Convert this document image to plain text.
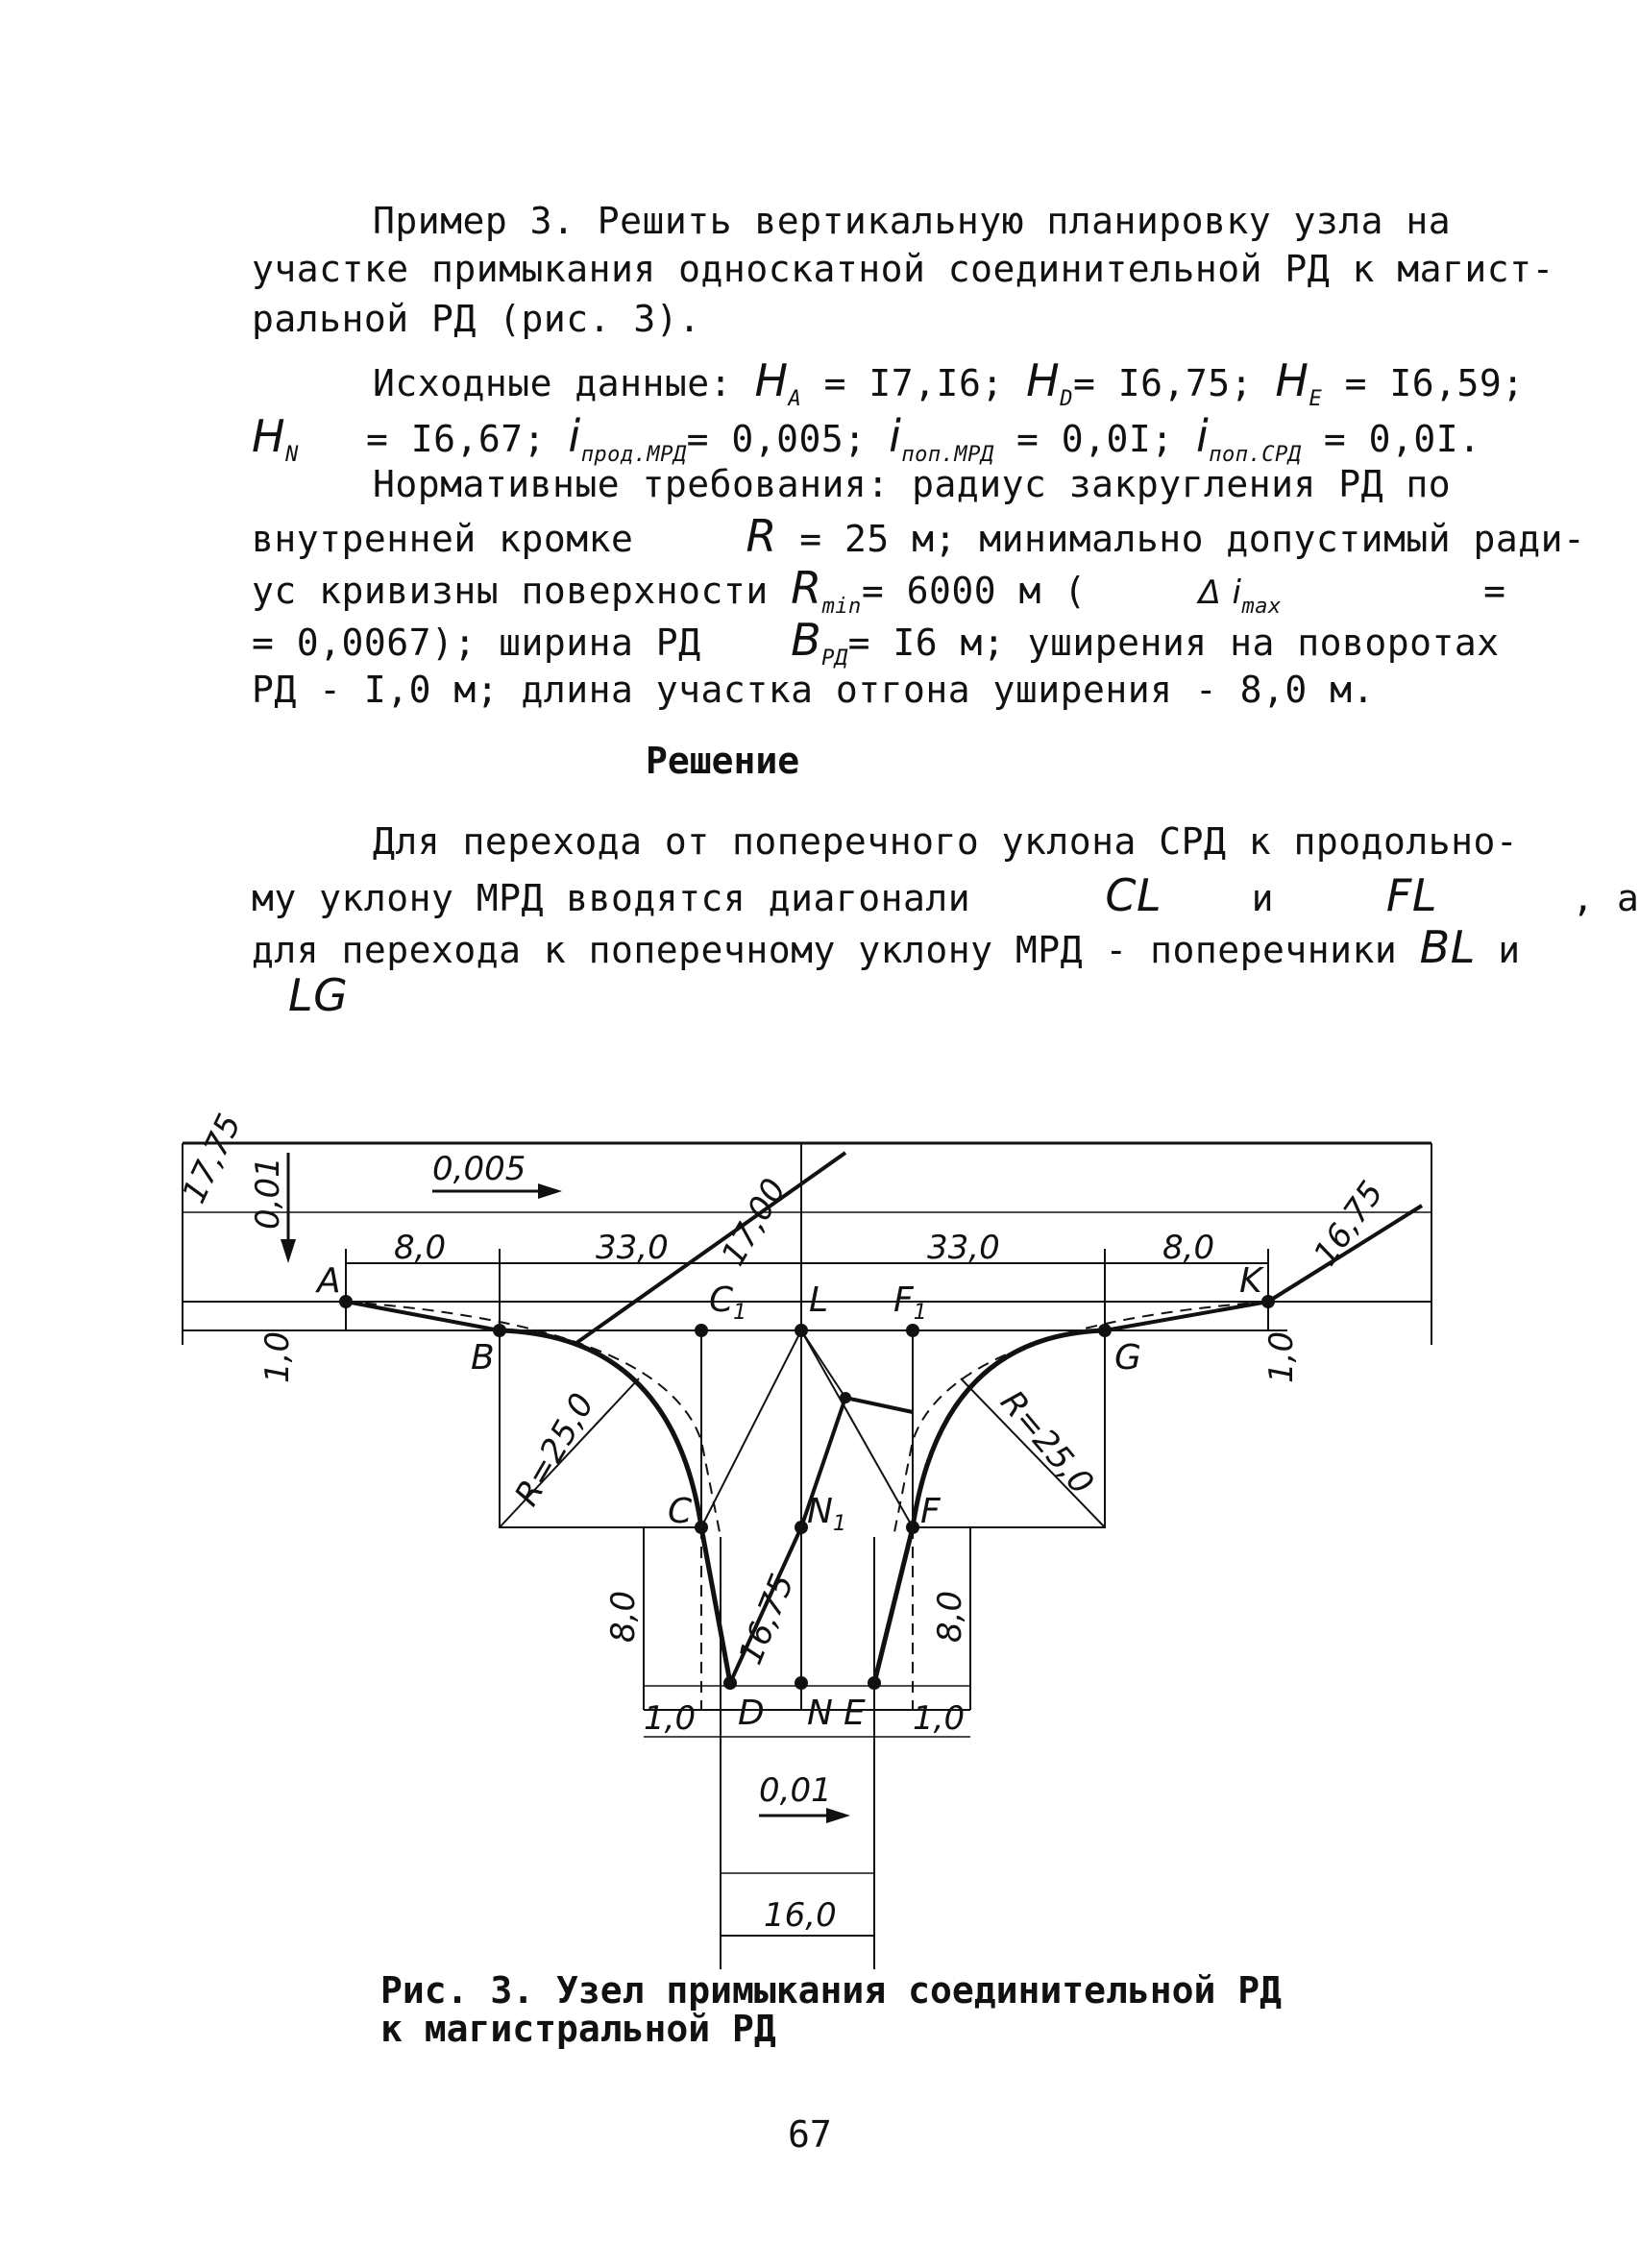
Пример 3. Решить вертикальную планировку узла на
участке примыкания односкатной соединительной РД к магист-
ральной РД (рис. 3).
Исходные данные: $H_A = I7,I6$; $H_D= I6,75$; $H_E = I6,59$;
$H_N = I6,67$; $i_{прод.МРД}= 0,005$; $i_{поп.МРД} = 0,0I$; $i_{поп.СРД} = 0,0I$.
Нормативные требования: радиус закругления РД по
внутренней кромке	R = 25 м; минимально допустимый ради-
ус кривизны поверхности $R_{min}= 6000$ м (	Δ $i_{max}$	=
= 0,0067); ширина РД $B_{РД}= I6$ м; уширения на поворотах
РД - I,0 м; длина участка отгона уширения - 8,0 м.
Решение
Для перехода от поперечного уклона СРД к продольно-
му уклону МРД вводятся диагонали	CL и	FL	, а
для перехода к поперечному уклону МРД - поперечники BL и
LG
A
B
$C_1$ L $F_1$
G
K
C	$N_1$ F
D N E
8,0	33,0	33,0	8,0
1,0	1,0
8,0	8,0
1,0	1,0
16,0
0,005
0,01
0,01
R=25,0	R=25,0
17,75
17,00	16,75
16,75
Рис. 3. Узел примыкания соединительной РД
к магистральной РД
67
